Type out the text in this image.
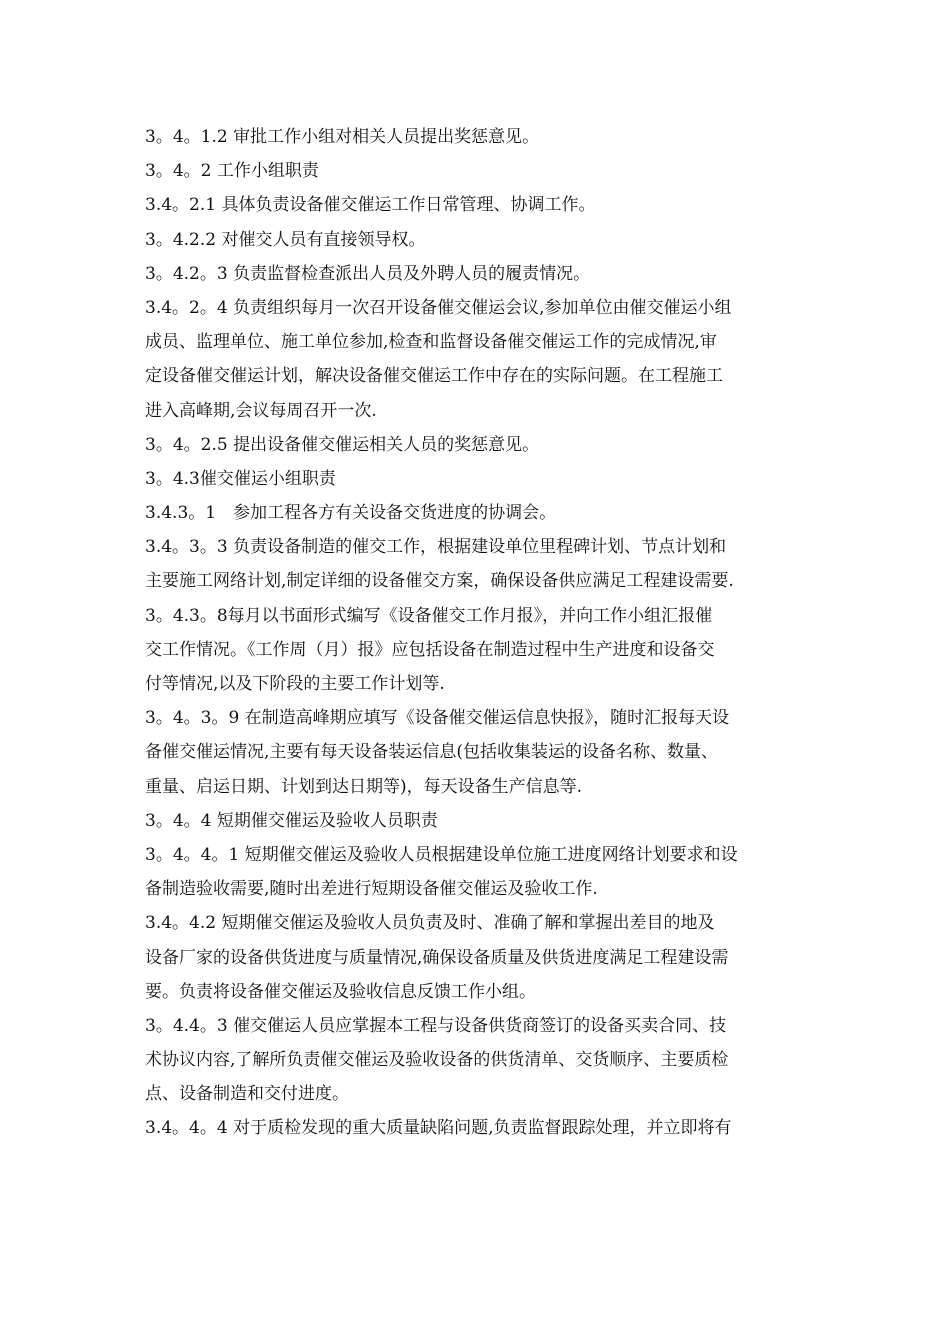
3。4。1.2 审批工作小组对相关人员提出奖惩意见。
3。4。2 工作小组职责
3.4。2.1 具体负责设备催交催运工作日常管理、协调工作。
3。4.2.2 对催交人员有直接领导权。
3。4.2。3 负责监督检查派出人员及外聘人员的履责情况。
3.4。2。4 负责组织每月一次召开设备催交催运会议,参加单位由催交催运小组
成员、监理单位、施工单位参加,检查和监督设备催交催运工作的完成情况,审
定设备催交催运计划，解决设备催交催运工作中存在的实际问题。在工程施工
进入高峰期,会议每周召开一次.
3。4。2.5 提出设备催交催运相关人员的奖惩意见。
3。4.3催交催运小组职责
3.4.3。1　参加工程各方有关设备交货进度的协调会。
3.4。3。3 负责设备制造的催交工作，根据建设单位里程碑计划、节点计划和
主要施工网络计划,制定详细的设备催交方案，确保设备供应满足工程建设需要.
3。4.3。8每月以书面形式编写《设备催交工作月报》，并向工作小组汇报催
交工作情况。《工作周（月）报》应包括设备在制造过程中生产进度和设备交
付等情况,以及下阶段的主要工作计划等.
3。4。3。9 在制造高峰期应填写《设备催交催运信息快报》，随时汇报每天设
备催交催运情况,主要有每天设备装运信息(包括收集装运的设备名称、数量、
重量、启运日期、计划到达日期等)，每天设备生产信息等.
3。4。4 短期催交催运及验收人员职责
3。4。4。1 短期催交催运及验收人员根据建设单位施工进度网络计划要求和设
备制造验收需要,随时出差进行短期设备催交催运及验收工作.
3.4。4.2 短期催交催运及验收人员负责及时、准确了解和掌握出差目的地及
设备厂家的设备供货进度与质量情况,确保设备质量及供货进度满足工程建设需
要。负责将设备催交催运及验收信息反馈工作小组。
3。4.4。3 催交催运人员应掌握本工程与设备供货商签订的设备买卖合同、技
术协议内容,了解所负责催交催运及验收设备的供货清单、交货顺序、主要质检
点、设备制造和交付进度。
3.4。4。4 对于质检发现的重大质量缺陷问题,负责监督跟踪处理，并立即将有
